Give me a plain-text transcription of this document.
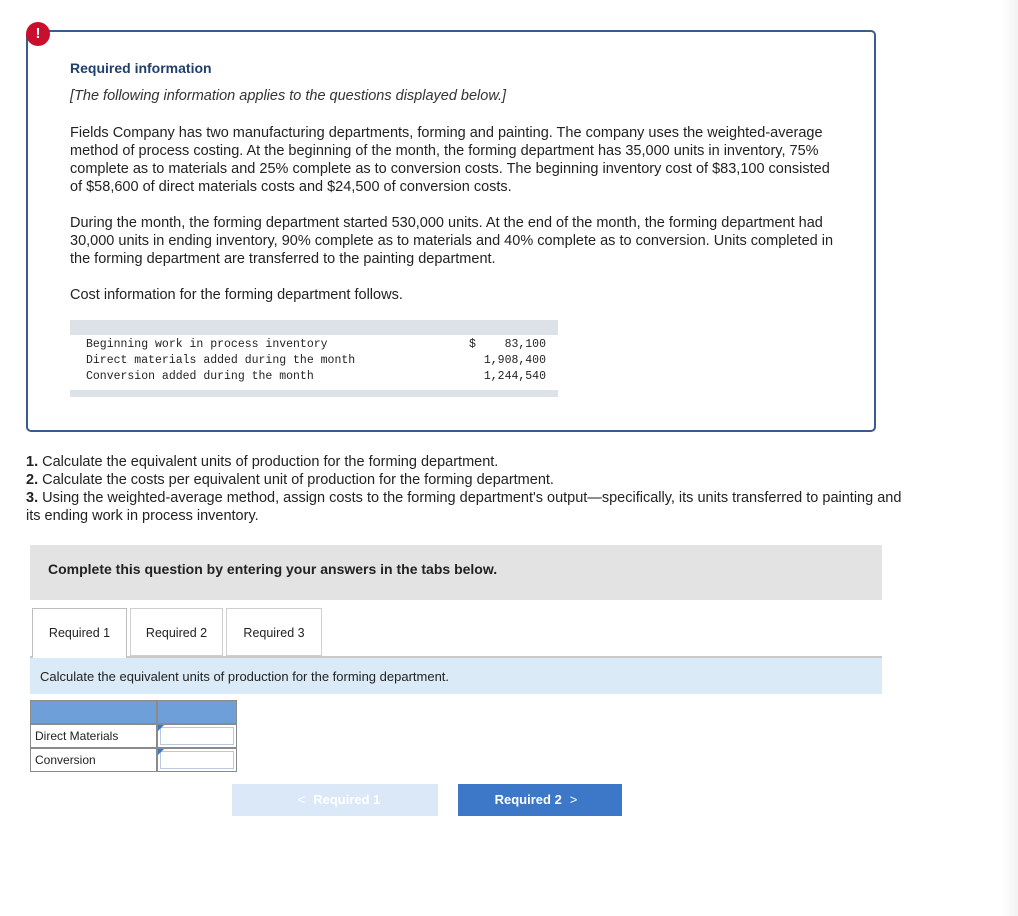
Required information
[The following information applies to the questions displayed below.]
Fields Company has two manufacturing departments, forming and painting. The company uses the weighted-average method of process costing. At the beginning of the month, the forming department has 35,000 units in inventory, 75% complete as to materials and 25% complete as to conversion costs. The beginning inventory cost of $83,100 consisted of $58,600 of direct materials costs and $24,500 of conversion costs.
During the month, the forming department started 530,000 units. At the end of the month, the forming department had 30,000 units in ending inventory, 90% complete as to materials and 40% complete as to conversion. Units completed in the forming department are transferred to the painting department.
Cost information for the forming department follows.
Beginning work in process inventory	$ 83,100
Direct materials added during the month	1,908,400
Conversion added during the month	1,244,540
!
1. Calculate the equivalent units of production for the forming department.
2. Calculate the costs per equivalent unit of production for the forming department.
3. Using the weighted-average method, assign costs to the forming department's output—specifically, its units transferred to painting and its ending work in process inventory.
Complete this question by entering your answers in the tabs below.
Required 1	Required 2	Required 3
Calculate the equivalent units of production for the forming department.
Direct Materials
Conversion
< Required 1	Required 2 >
